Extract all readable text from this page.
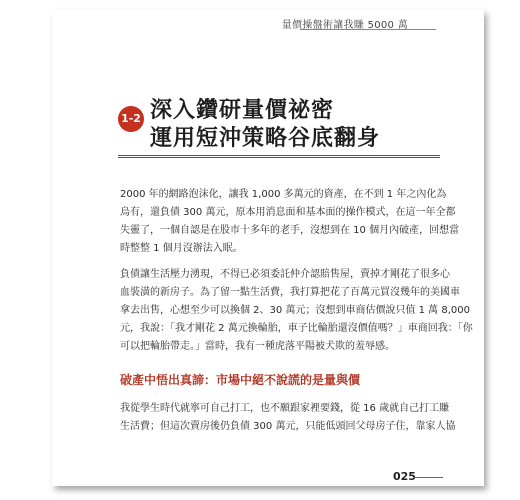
量價操盤術讓我賺 5000 萬
1-2 深入鑽研量價祕密
運用短沖策略谷底翻身
2000 年的網路泡沫化，讓我 1,000 多萬元的資產，在不到 1 年之內化為
烏有，還負債 300 萬元，原本用消息面和基本面的操作模式，在這一年全都
失靈了，一個自認是在股市十多年的老手，沒想到在 10 個月內破產，回想當
時整整 1 個月沒辦法入眠。
負債讓生活壓力湧現，不得已必須委託仲介認賠售屋，賣掉才剛花了很多心
血裝潢的新房子。為了留一點生活費，我打算把花了百萬元買沒幾年的美國車
拿去出售，心想至少可以換個 2、30 萬元；沒想到車商估價說只值 1 萬 8,000
元，我說：「我才剛花 2 萬元換輪胎，車子比輪胎還沒價值嗎？」車商回我：「你
可以把輪胎帶走。」當時，我有一種虎落平陽被犬欺的羞辱感。
破產中悟出真諦：市場中絕不說謊的是量與價
我從學生時代就寧可自己打工，也不願跟家裡要錢，從 16 歲就自己打工賺
生活費；但這次賣房後仍負債 300 萬元，只能低頭回父母房子住，靠家人協
025
